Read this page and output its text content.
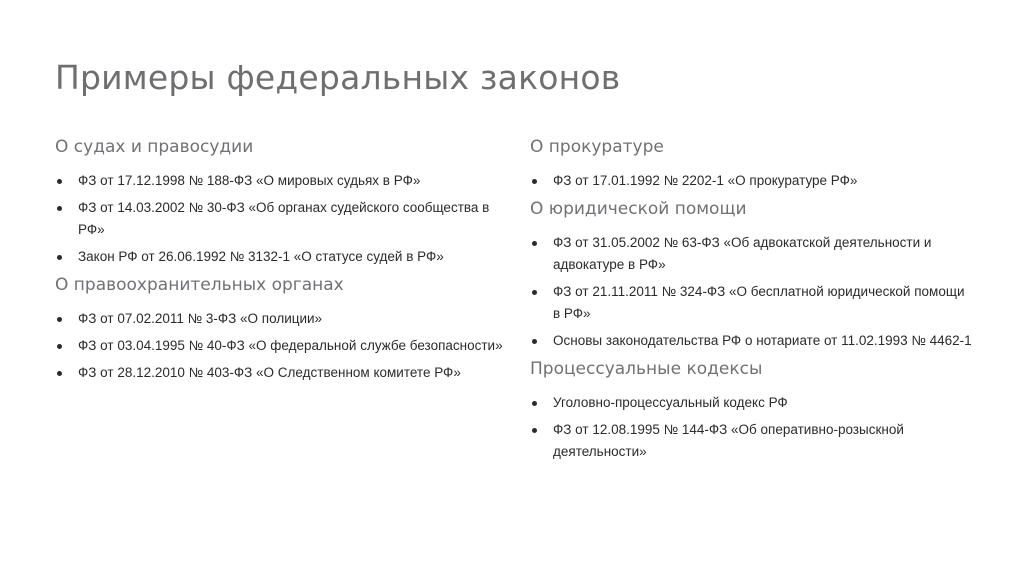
Примеры федеральных законов
О судах и правосудии
ФЗ от 17.12.1998 № 188-ФЗ «О мировых судьях в РФ»
ФЗ от 14.03.2002 № 30-ФЗ «Об органах судейского сообщества в РФ»
Закон РФ от 26.06.1992 № 3132-1 «О статусе судей в РФ»
О правоохранительных органах
ФЗ от 07.02.2011 № 3-ФЗ «О полиции»
ФЗ от 03.04.1995 № 40-ФЗ «О федеральной службе безопасности»
ФЗ от 28.12.2010 № 403-ФЗ «О Следственном комитете РФ»
О прокуратуре
ФЗ от 17.01.1992 № 2202-1 «О прокуратуре РФ»
О юридической помощи
ФЗ от 31.05.2002 № 63-ФЗ «Об адвокатской деятельности и адвокатуре в РФ»
ФЗ от 21.11.2011 № 324-ФЗ «О бесплатной юридической помощи в РФ»
Основы законодательства РФ о нотариате от 11.02.1993 № 4462-1
Процессуальные кодексы
Уголовно-процессуальный кодекс РФ
ФЗ от 12.08.1995 № 144-ФЗ «Об оперативно-розыскной деятельности»
